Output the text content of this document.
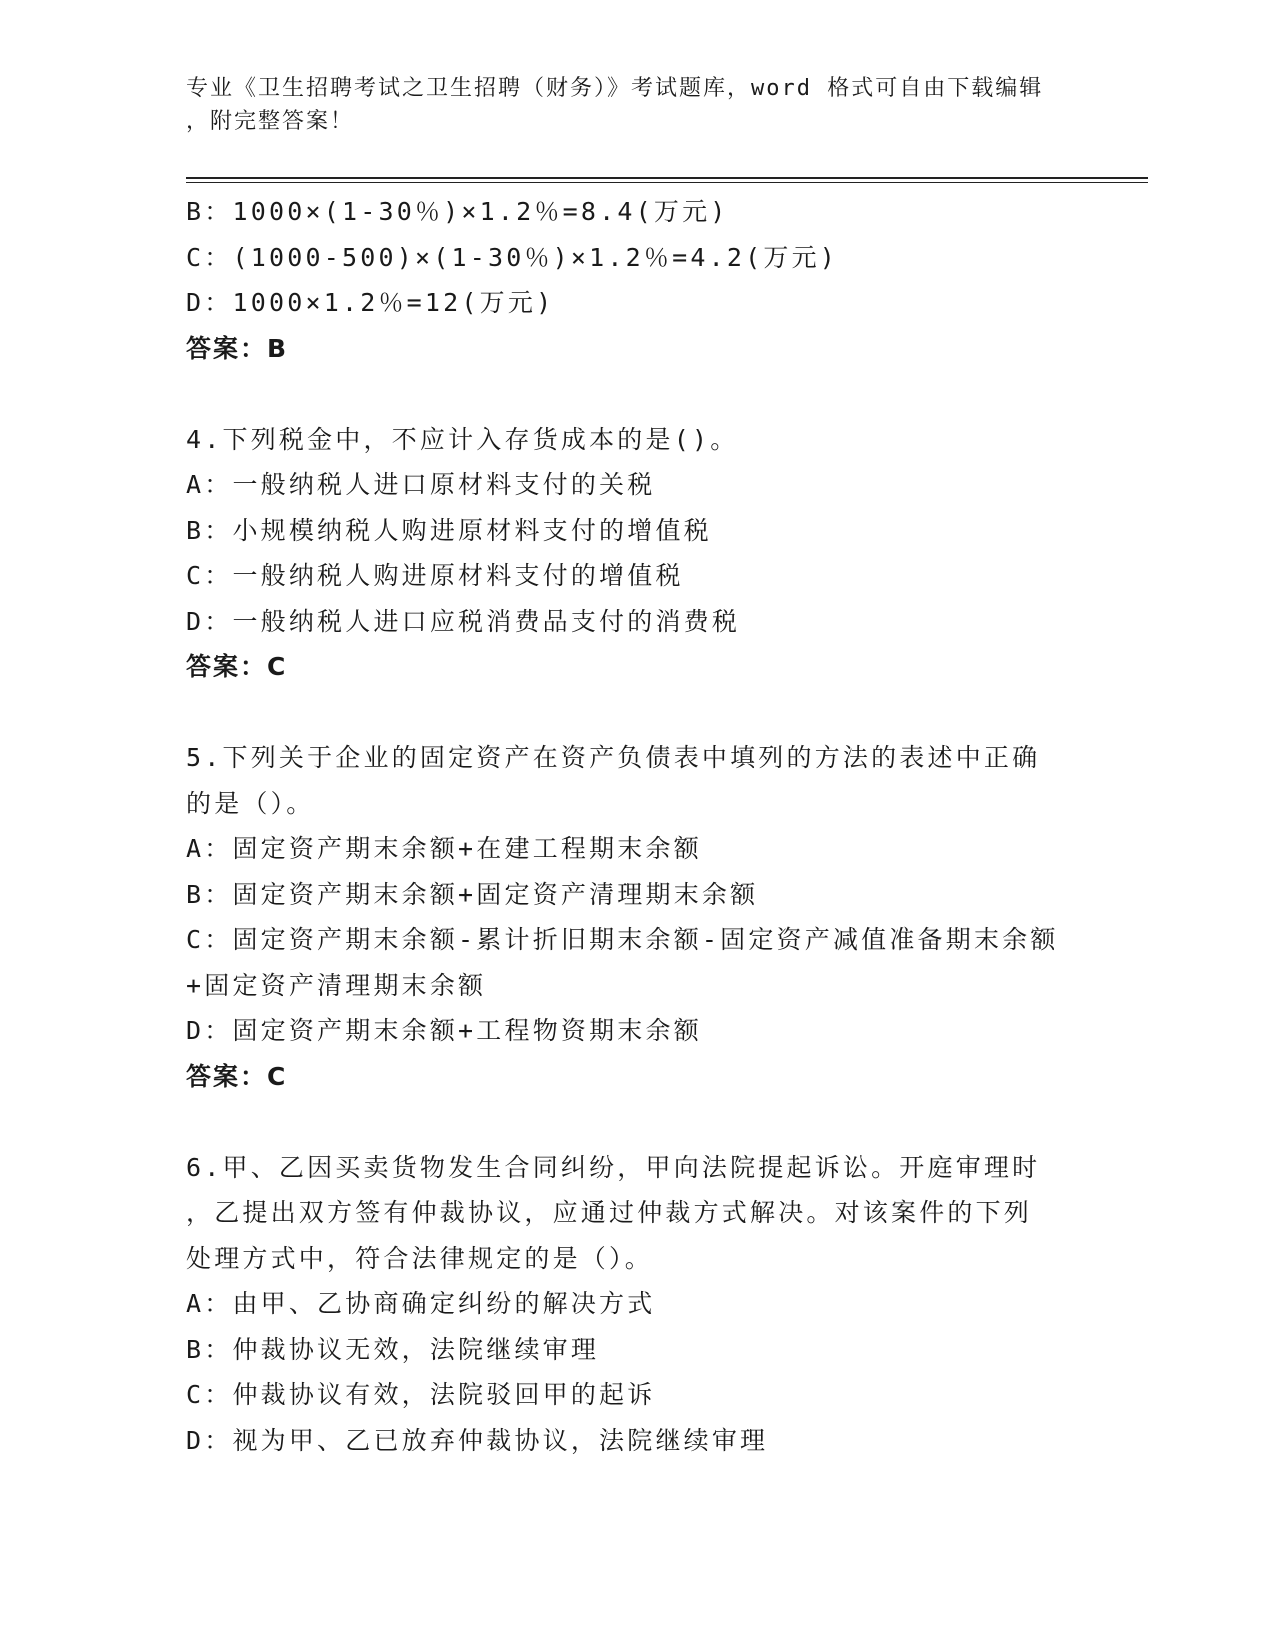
专业《卫生招聘考试之卫生招聘（财务）》考试题库，word 格式可自由下载编辑
，附完整答案！
B：1000×(1-30％)×1.2％=8.4(万元)
C：(1000-500)×(1-30％)×1.2％=4.2(万元)
D：1000×1.2％=12(万元)
答案：B
4.下列税金中，不应计入存货成本的是()。
A：一般纳税人进口原材料支付的关税
B：小规模纳税人购进原材料支付的增值税
C：一般纳税人购进原材料支付的增值税
D：一般纳税人进口应税消费品支付的消费税
答案：C
5.下列关于企业的固定资产在资产负债表中填列的方法的表述中正确
的是（）。
A：固定资产期末余额+在建工程期末余额
B：固定资产期末余额+固定资产清理期末余额
C：固定资产期末余额-累计折旧期末余额-固定资产减值准备期末余额
+固定资产清理期末余额
D：固定资产期末余额+工程物资期末余额
答案：C
6.甲、乙因买卖货物发生合同纠纷，甲向法院提起诉讼。开庭审理时
，乙提出双方签有仲裁协议，应通过仲裁方式解决。对该案件的下列
处理方式中，符合法律规定的是（）。
A：由甲、乙协商确定纠纷的解决方式
B：仲裁协议无效，法院继续审理
C：仲裁协议有效，法院驳回甲的起诉
D：视为甲、乙已放弃仲裁协议，法院继续审理
